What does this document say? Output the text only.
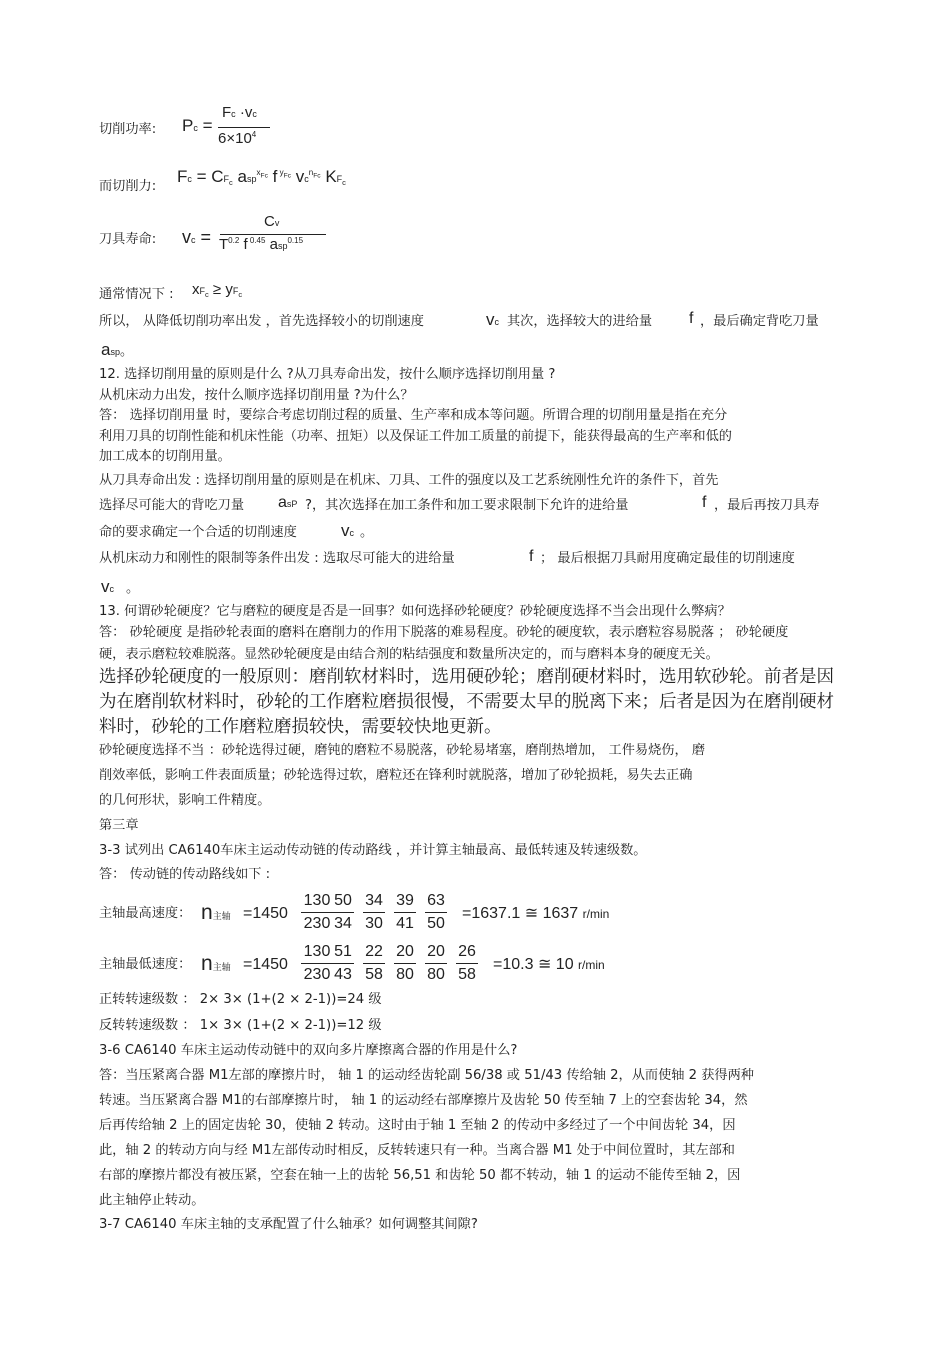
切削功率: Pc =
Fc ·vc
$6\times 10^4$
而切削力:
$Fc = CF_c$ asp$^{x_{Fc}}$ f $^{y_{Fc}}$ $vc^{n_{Fc}}$ $KF_c$
刀具寿命: vc =
Cv
$T^{0.2}$ f $^{0.45}$ asp$^{0.15}$
通常情况下 : $xF_c \ge yF_c$
所以， 从降低切削功率出发 ，首先选择较小的切削速度	vc 其次，选择较大的进给量 f ，最后确定背吃刀量
asp。
12. 选择切削用量的原则是什么 ?从刀具寿命出发，按什么顺序选择切削用量 ?
从机床动力出发，按什么顺序选择切削用量 ?为什么？
答： 选择切削用量 时，要综合考虑切削过程的质量、生产率和成本等问题。所谓合理的切削用量是指在充分
利用刀具的切削性能和机床性能（功率、扭矩）以及保证工件加工质量的前提下，能获得最高的生产率和低的
加工成本的切削用量。
从刀具寿命出发 : 选择切削用量的原则是在机床、刀具、工件的强度以及工艺系统刚性允许的条件下，首先
选择尽可能大的背吃刀量 asP ?，其次选择在加工条件和加工要求限制下允许的进给量	f ，最后再按刀具寿
命的要求确定一个合适的切削速度	vc 。
从机床动力和刚性的限制等条件出发 : 选取尽可能大的进给量	f ； 最后根据刀具耐用度确定最佳的切削速度
vc 。
13. 何谓砂轮硬度？它与磨粒的硬度是否是一回事？如何选择砂轮硬度？砂轮硬度选择不当会出现什么弊病？
答： 砂轮硬度 是指砂轮表面的磨料在磨削力的作用下脱落的难易程度。砂轮的硬度软，表示磨粒容易脱落 ； 砂轮硬度
硬，表示磨粒较难脱落。显然砂轮硬度是由结合剂的粘结强度和数量所决定的，而与磨料本身的硬度无关。
选择砂轮硬度的一般原则：磨削软材料时，选用硬砂轮；磨削硬材料时，选用软砂轮。前者是因
为在磨削软材料时，砂轮的工作磨粒磨损很慢，不需要太早的脱离下来；后者是因为在磨削硬材
料时，砂轮的工作磨粒磨损较快，需要较快地更新。
砂轮硬度选择不当 ：砂轮选得过硬，磨钝的磨粒不易脱落，砂轮易堵塞，磨削热增加， 工件易烧伤， 磨
削效率低，影响工件表面质量；砂轮选得过软，磨粒还在锋利时就脱落，增加了砂轮损耗，易失去正确
的几何形状，影响工件精度。
第三章
3-3 试列出 CA6140车床主运动传动链的传动路线 ，并计算主轴最高、最低转速及转速级数。
答： 传动链的传动路线如下 :
主轴最高速度： n主轴 $=1450 \frac{130}{230} \frac{50}{34} \frac{34}{30} \frac{39}{41} \frac{63}{50} =1637.1$ ≅ 1637 r/min
主轴最低速度： n主轴 $=1450 \frac{130}{230} \frac{51}{43} \frac{22}{58} \frac{20}{80} \frac{20}{80} \frac{26}{58} =10.3$ ≅ 10 r/min
正转转速级数 ： 2× 3× (1+(2 × 2-1))=24 级
反转转速级数 ： 1× 3× (1+(2 × 2-1))=12 级
3-6 CA6140 车床主运动传动链中的双向多片摩擦离合器的作用是什么?
答：当压紧离合器 M1左部的摩擦片时， 轴 1 的运动经齿轮副 56/38 或 51/43 传给轴 2，从而使轴 2 获得两种
转速。当压紧离合器 M1的右部摩擦片时， 轴 1 的运动经右部摩擦片及齿轮 50 传至轴 7 上的空套齿轮 34，然
后再传给轴 2 上的固定齿轮 30，使轴 2 转动。这时由于轴 1 至轴 2 的传动中多经过了一个中间齿轮 34，因
此，轴 2 的转动方向与经 M1左部传动时相反，反转转速只有一种。当离合器 M1 处于中间位置时，其左部和
右部的摩擦片都没有被压紧，空套在轴一上的齿轮 56,51 和齿轮 50 都不转动，轴 1 的运动不能传至轴 2，因
此主轴停止转动。
3-7 CA6140 车床主轴的支承配置了什么轴承？如何调整其间隙?
